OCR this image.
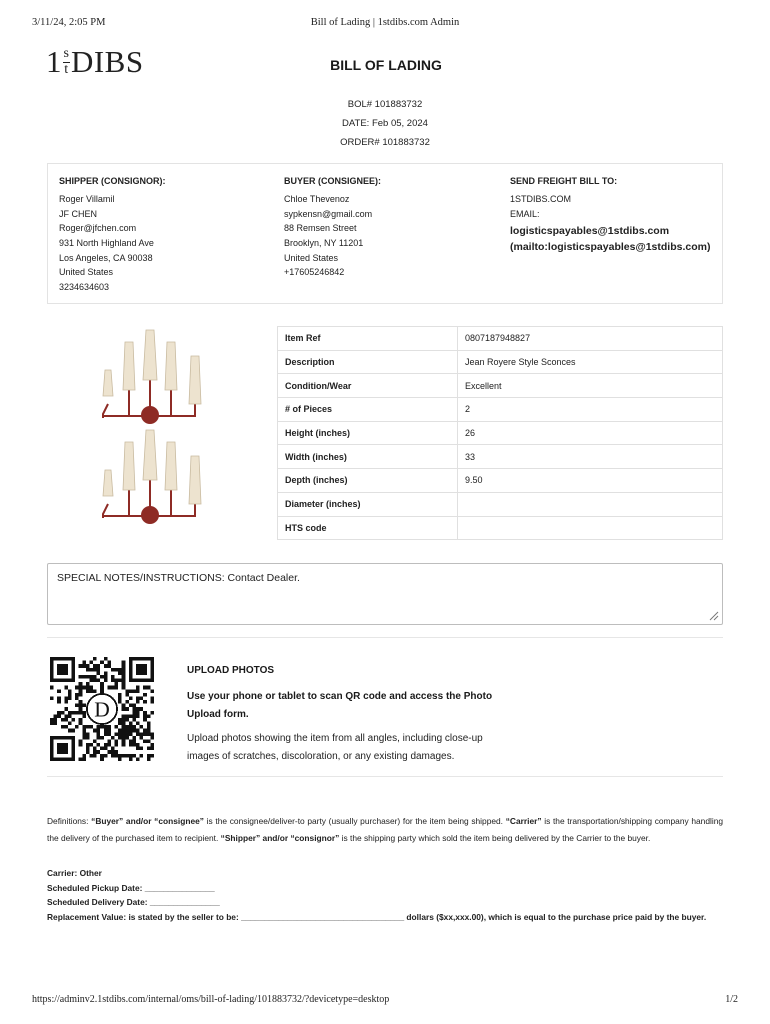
3/11/24, 2:05 PM	Bill of Lading | 1stdibs.com Admin
1 s
t DIBS	BILL OF LADING
BOL# 101883732
DATE: Feb 05, 2024
ORDER# 101883732
SHIPPER (CONSIGNOR):
Roger Villamil
JF CHEN
Roger@jfchen.com
931 North Highland Ave
Los Angeles, CA 90038
United States
3234634603
BUYER (CONSIGNEE):
Chloe Thevenoz
sypkensn@gmail.com
88 Remsen Street
Brooklyn, NY 11201
United States
+17605246842
SEND FREIGHT BILL TO:
1STDIBS.COM
EMAIL:
logisticspayables@1stdibs.com
(mailto:logisticspayables@1stdibs.com)
Item Ref	0807187948827
Description	Jean Royere Style Sconces
Condition/Wear	Excellent
# of Pieces	2
Height (inches)	26
Width (inches)	33
Depth (inches)	9.50
Diameter (inches)	
HTS code	
SPECIAL NOTES/INSTRUCTIONS: Contact Dealer.
D
UPLOAD PHOTOS
Use your phone or tablet to scan QR code and access the Photo Upload form.
Upload photos showing the item from all angles, including close-up images of scratches, discoloration, or any existing damages.
Definitions: “Buyer” and/or “consignee” is the consignee/deliver-to party (usually purchaser) for the item being shipped. “Carrier” is the transportation/shipping company handling the delivery of the purchased item to recipient. “Shipper” and/or “consignor” is the shipping party which sold the item being delivered by the Carrier to the buyer.
Carrier: Other
Scheduled Pickup Date: _______________
Scheduled Delivery Date: _______________
Replacement Value: is stated by the seller to be: ___________________________________ dollars ($xx,xxx.00), which is equal to the purchase price paid by the buyer.
https://adminv2.1stdibs.com/internal/oms/bill-of-lading/101883732/?devicetype=desktop	1/2
